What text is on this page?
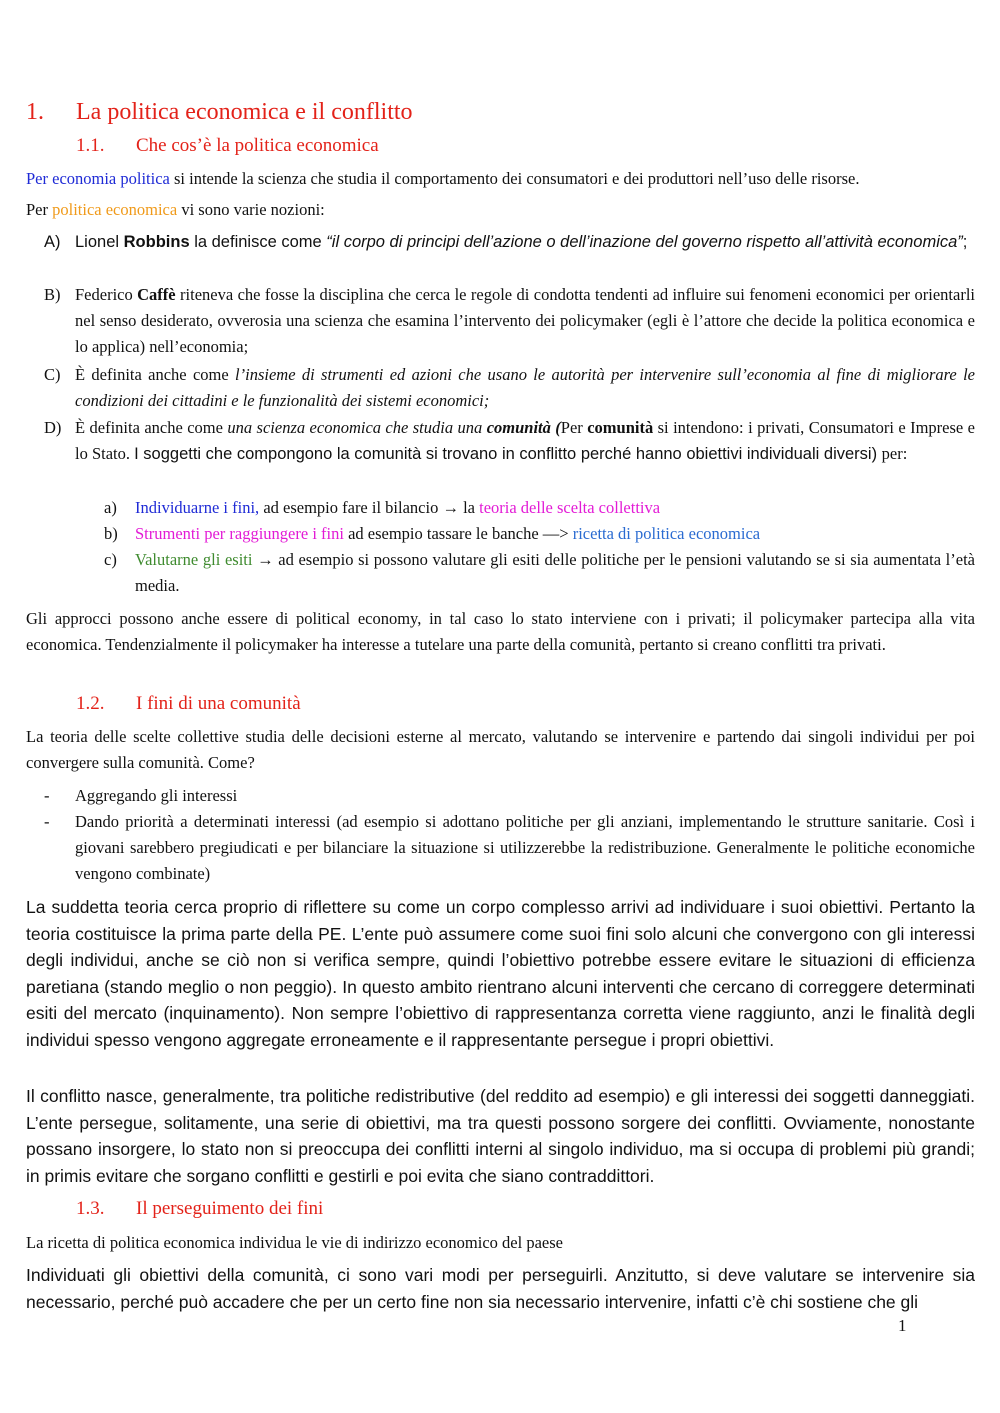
1. La politica economica e il conflitto
1.1. Che cos’è la politica economica
Per economia politica si intende la scienza che studia il comportamento dei consumatori e dei produttori nell’uso delle risorse.
Per politica economica vi sono varie nozioni:
A) Lionel Robbins la definisce come “il corpo di principi dell’azione o dell’inazione del governo rispetto all’attività economica”;
B) Federico Caffè riteneva che fosse la disciplina che cerca le regole di condotta tendenti ad influire sui fenomeni economici per orientarli nel senso desiderato, ovverosia una scienza che esamina l’intervento dei policymaker (egli è l’attore che decide la politica economica e lo applica) nell’economia;
C) È definita anche come l’insieme di strumenti ed azioni che usano le autorità per intervenire sull’economia al fine di migliorare le condizioni dei cittadini e le funzionalità dei sistemi economici;
D) È definita anche come una scienza economica che studia una comunità (Per comunità si intendono: i privati, Consumatori e Imprese e lo Stato. I soggetti che compongono la comunità si trovano in conflitto perché hanno obiettivi individuali diversi) per:
a)	Individuarne i fini, ad esempio fare il bilancio → la teoria delle scelta collettiva
b)	Strumenti per raggiungere i fini ad esempio tassare le banche —> ricetta di politica economica
c)	Valutarne gli esiti → ad esempio si possono valutare gli esiti delle politiche per le pensioni valutando se si sia aumentata l’età media.
Gli approcci possono anche essere di political economy, in tal caso lo stato interviene con i privati; il policymaker partecipa alla vita economica. Tendenzialmente il policymaker ha interesse a tutelare una parte della comunità, pertanto si creano conflitti tra privati.
1.2. I fini di una comunità
La teoria delle scelte collettive studia delle decisioni esterne al mercato, valutando se intervenire e partendo dai singoli individui per poi convergere sulla comunità. Come?
-	Aggregando gli interessi
-	Dando priorità a determinati interessi (ad esempio si adottano politiche per gli anziani, implementando le strutture sanitarie. Così i giovani sarebbero pregiudicati e per bilanciare la situazione si utilizzerebbe la redistribuzione. Generalmente le politiche economiche vengono combinate)
La suddetta teoria cerca proprio di riflettere su come un corpo complesso arrivi ad individuare i suoi obiettivi. Pertanto la teoria costituisce la prima parte della PE. L’ente può assumere come suoi fini solo alcuni che convergono con gli interessi degli individui, anche se ciò non si verifica sempre, quindi l’obiettivo potrebbe essere evitare le situazioni di efficienza paretiana (stando meglio o non peggio). In questo ambito rientrano alcuni interventi che cercano di correggere determinati esiti del mercato (inquinamento). Non sempre l’obiettivo di rappresentanza corretta viene raggiunto, anzi le finalità degli individui spesso vengono aggregate erroneamente e il rappresentante persegue i propri obiettivi.
Il conflitto nasce, generalmente, tra politiche redistributive (del reddito ad esempio) e gli interessi dei soggetti danneggiati. L’ente persegue, solitamente, una serie di obiettivi, ma tra questi possono sorgere dei conflitti. Ovviamente, nonostante possano insorgere, lo stato non si preoccupa dei conflitti interni al singolo individuo, ma si occupa di problemi più grandi; in primis evitare che sorgano conflitti e gestirli e poi evita che siano contraddittori.
1.3. Il perseguimento dei fini
La ricetta di politica economica individua le vie di indirizzo economico del paese
Individuati gli obiettivi della comunità, ci sono vari modi per perseguirli. Anzitutto, si deve valutare se intervenire sia necessario, perché può accadere che per un certo fine non sia necessario intervenire, infatti c’è chi sostiene che gli
1
